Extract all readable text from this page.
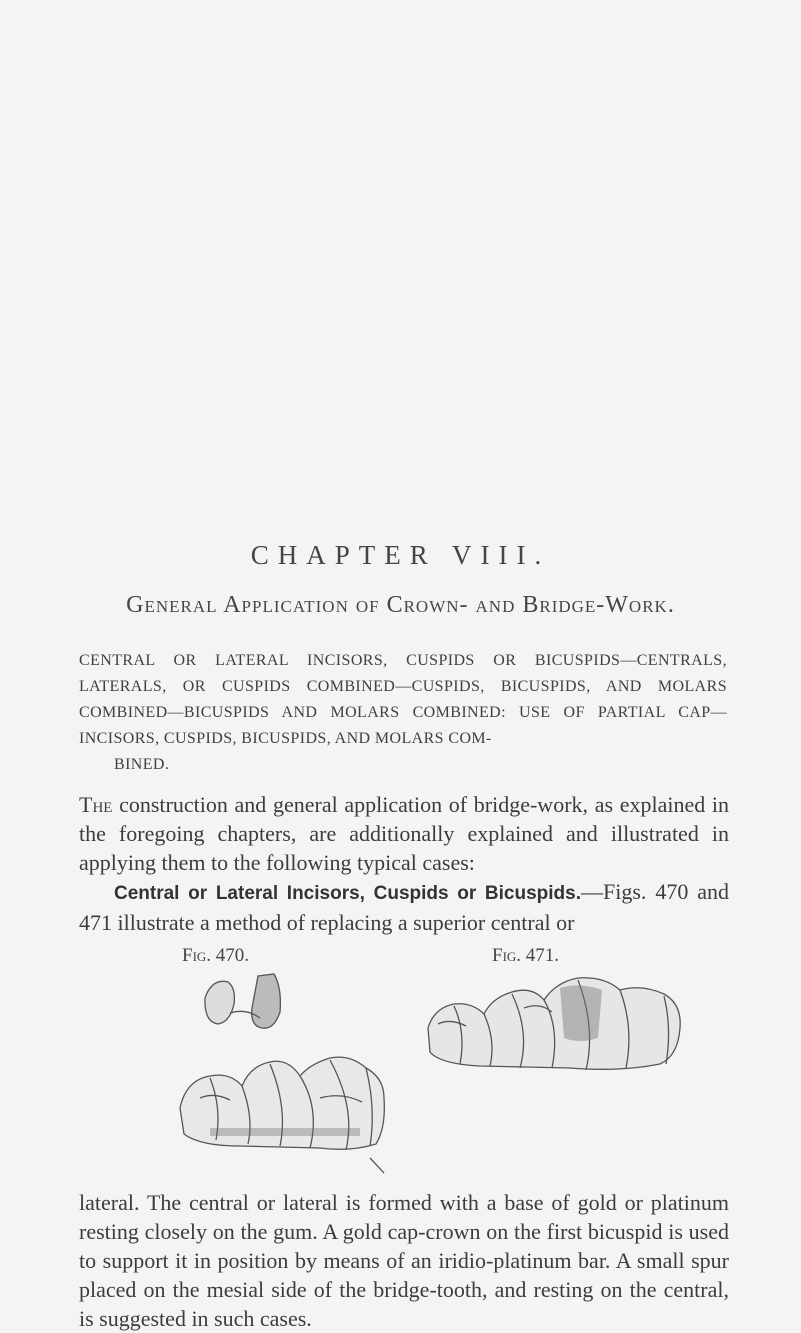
CHAPTER VIII.
General Application of Crown- and Bridge-Work.
CENTRAL OR LATERAL INCISORS, CUSPIDS OR BICUSPIDS—CENTRALS, LATERALS, OR CUSPIDS COMBINED—CUSPIDS, BICUSPIDS, AND MOLARS COMBINED—BICUSPIDS AND MOLARS COMBINED: USE OF PARTIAL CAP—INCISORS, CUSPIDS, BICUSPIDS, AND MOLARS COM-
BINED.
The construction and general application of bridge-work, as explained in the foregoing chapters, are additionally explained and illustrated in applying them to the following typical cases:
Central or Lateral Incisors, Cuspids or Bicuspids.—Figs. 470 and 471 illustrate a method of replacing a superior central or
Fig. 470.	Fig. 471.
lateral. The central or lateral is formed with a base of gold or platinum resting closely on the gum. A gold cap-crown on the first bicuspid is used to support it in position by means of an iridio-platinum bar. A small spur placed on the mesial side of the bridge-tooth, and resting on the central, is suggested in such cases.
